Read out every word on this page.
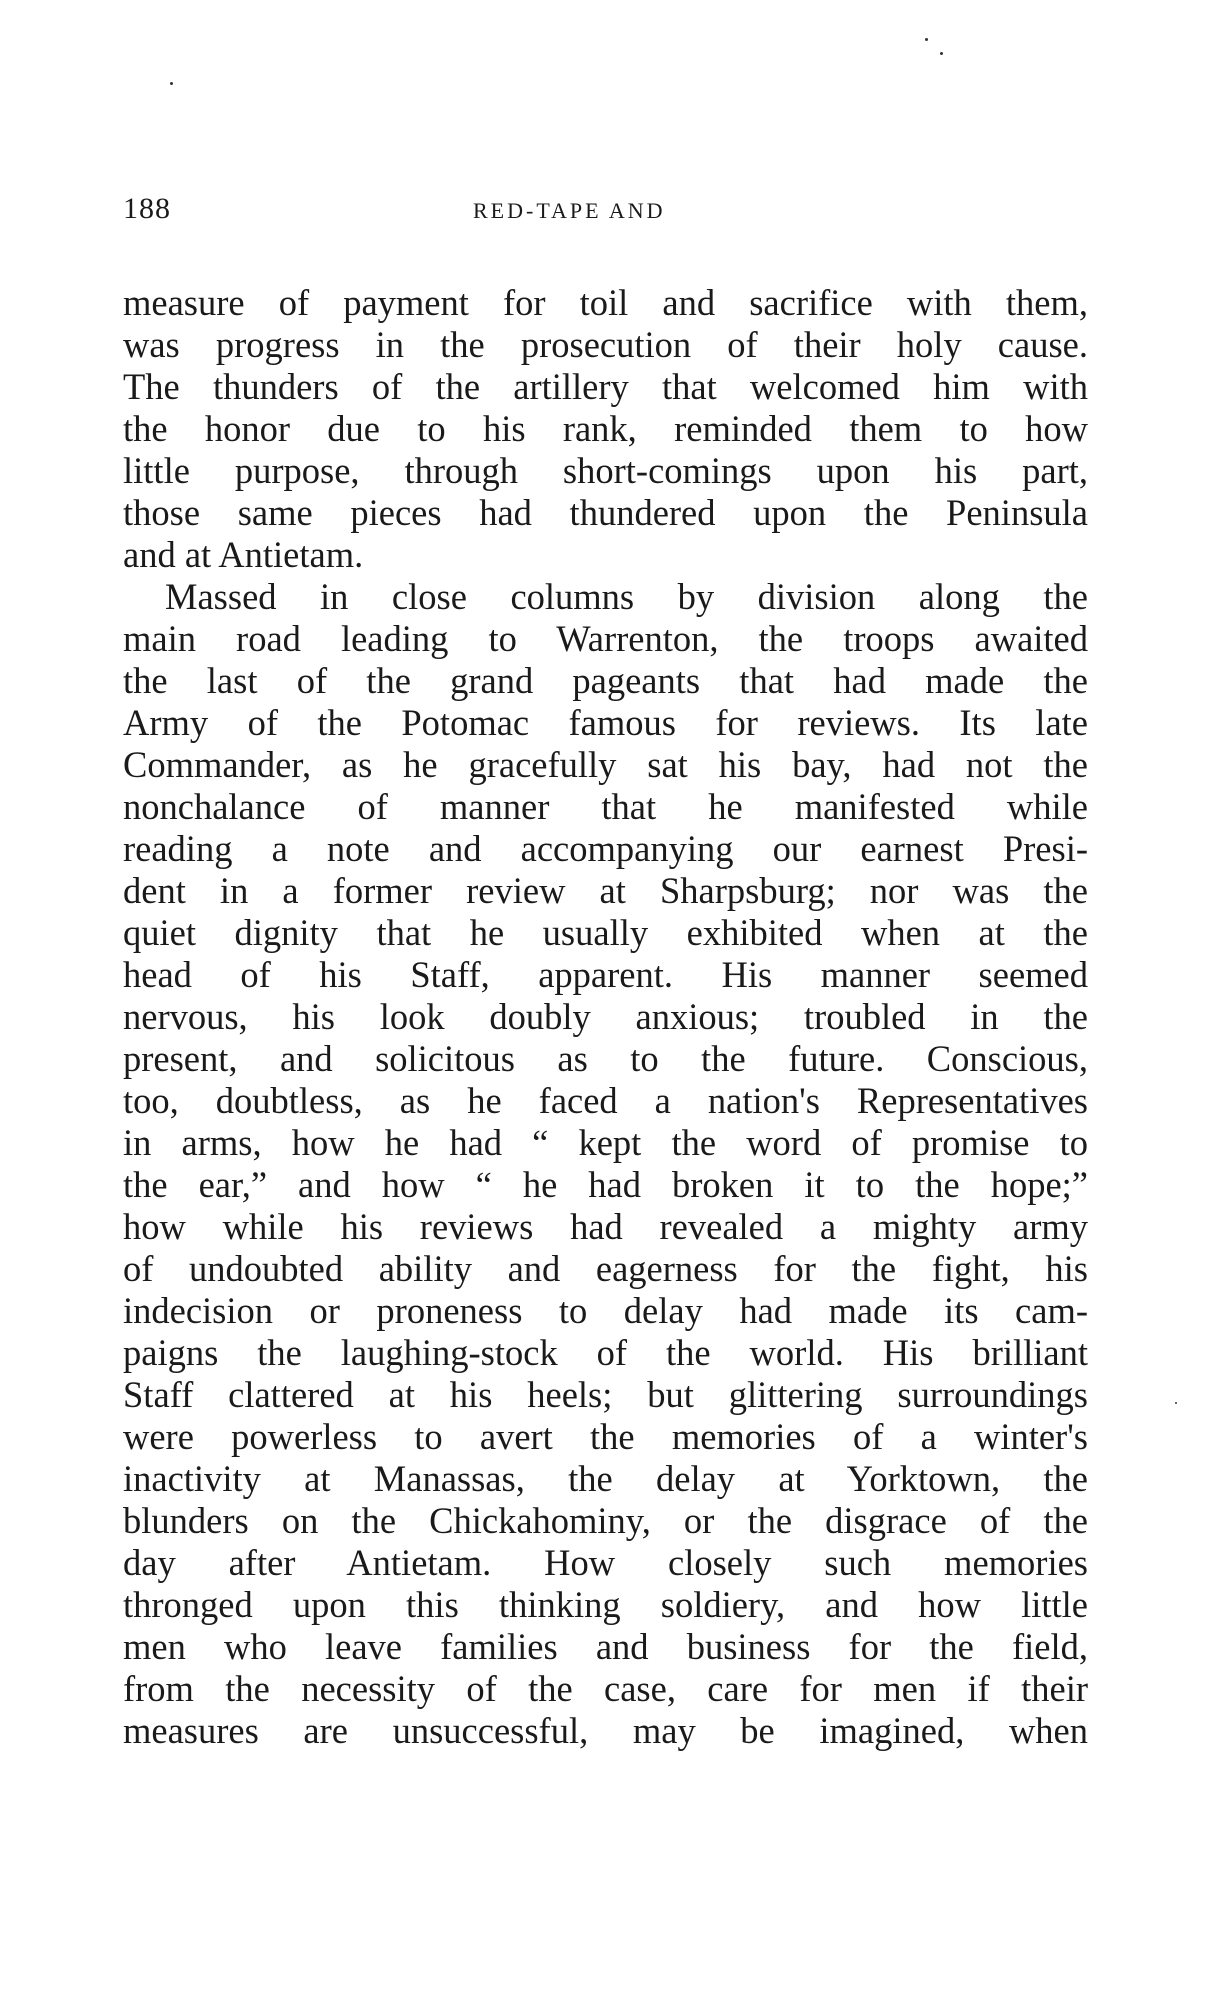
188	RED-TAPE AND
measure of payment for toil and sacrifice with them,
was progress in the prosecution of their holy cause.
The thunders of the artillery that welcomed him with
the honor due to his rank, reminded them to how
little purpose, through short-comings upon his part,
those same pieces had thundered upon the Peninsula
and at Antietam.
Massed in close columns by division along the
main road leading to Warrenton, the troops awaited
the last of the grand pageants that had made the
Army of the Potomac famous for reviews. Its late
Commander, as he gracefully sat his bay, had not the
nonchalance of manner that he manifested while
reading a note and accompanying our earnest Presi-
dent in a former review at Sharpsburg; nor was the
quiet dignity that he usually exhibited when at the
head of his Staff, apparent. His manner seemed
nervous, his look doubly anxious; troubled in the
present, and solicitous as to the future. Conscious,
too, doubtless, as he faced a nation's Representatives
in arms, how he had “ kept the word of promise to
the ear,” and how “ he had broken it to the hope;”
how while his reviews had revealed a mighty army
of undoubted ability and eagerness for the fight, his
indecision or proneness to delay had made its cam-
paigns the laughing-stock of the world. His brilliant
Staff clattered at his heels; but glittering surroundings
were powerless to avert the memories of a winter's
inactivity at Manassas, the delay at Yorktown, the
blunders on the Chickahominy, or the disgrace of the
day after Antietam. How closely such memories
thronged upon this thinking soldiery, and how little
men who leave families and business for the field,
from the necessity of the case, care for men if their
measures are unsuccessful, may be imagined, when
